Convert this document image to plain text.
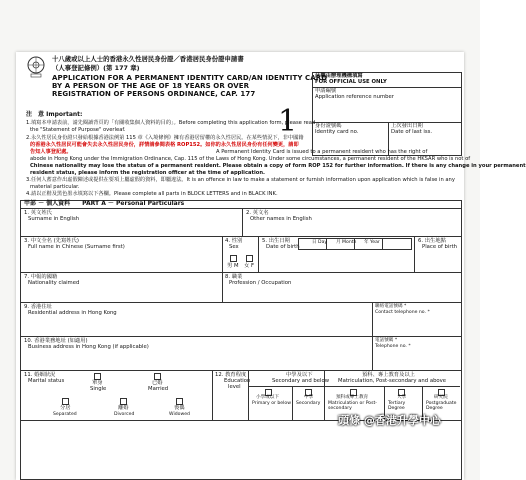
十八歲或以上人士的香港永久性居民身份證／香港居民身份證申請書
（人事登記條例）(第 177 章)
APPLICATION FOR A PERMANENT IDENTITY CARD/AN IDENTITY CARD
BY A PERSON OF THE AGE OF 18 YEARS OR OVER
REGISTRATION OF PERSONS ORDINANCE, CAP. 177
1
此欄由辦理機構填寫
FOR OFFICIAL USE ONLY
申請編號
Application reference number
身份證號碼
Identity card no.
上次發出日期
Date of last iss.
注　意 Important:
1.填寫本申請表前，請先閱讀背頁的「有關收集個人資料的目的」。Before completing this application form, please read
the "Statement of Purpose" overleaf.
2.永久性居民身份證只發給根據香港法例第 115 章《入境條例》擁有香港居留權的永久性居民。在某些情況下，非中國籍
的香港永久性居民可能會失去永久性居民身份，詳情請參閱表格 ROP152。如你的永久性居民身份有任何變更，請即
告知人事登記處。	A Permanent Identity Card is issued to a permanent resident who has the right of
abode in Hong Kong under the Immigration Ordinance, Cap. 115 of the Laws of Hong Kong. Under some circumstances, a permanent resident of the HKSAR who is not of
Chinese nationality may lose the status of a permanent resident. Please obtain a copy of form ROP 152 for further information. If there is any change in your permanent
resident status, please inform the registration officer at the time of application.
3.任何人蓄意作出虛假陳述或提供在要項上屬虛假的資料，即屬違法。It is an offence in law to make a statement or furnish information upon application which is false in any
material particular.
4.請以正楷及黑色墨水填寫以下各欄。Please complete all parts in BLOCK LETTERS and in BLACK INK.
甲部 － 個人資料　　PART A － Personal Particulars
1. 英文姓氏
Surname in English
2. 英文名
Other names in English
3. 中文全名 (先寫姓氏)
Full name in Chinese (Surname first)
4. 性別
Sex
男 M 女 F
5. 出生日期
Date of birth
日 Day 月 Month 年 Year	6. 出生地點
Place of birth
7. 中報的國籍
Nationality claimed
8. 職業
Profession / Occupation
9. 香港住址
Residential address in Hong Kong
聯絡電話號碼 *
Contact telephone no. *
10. 香港業務地址 (如適用)
Business address in Hong Kong (if applicable)
電話號碼 *
Telephone no. *
11. 婚姻狀況
Marital status	單身
Single
已婚
Married
分居
Separated
離婚
Divorced
喪偶
Widowed
12. 教育程度
Education
level
中學及以下
Secondary and below
預科、專上教育及以上
Matriculation, Post-secondary and above
小學或以下
Primary or below
中學
Secondary
預科或專上教育
Matriculation or Post-secondary
大學
Tertiary Degree
研究院
Postgraduate Degree
頭條 @香港升學中心
